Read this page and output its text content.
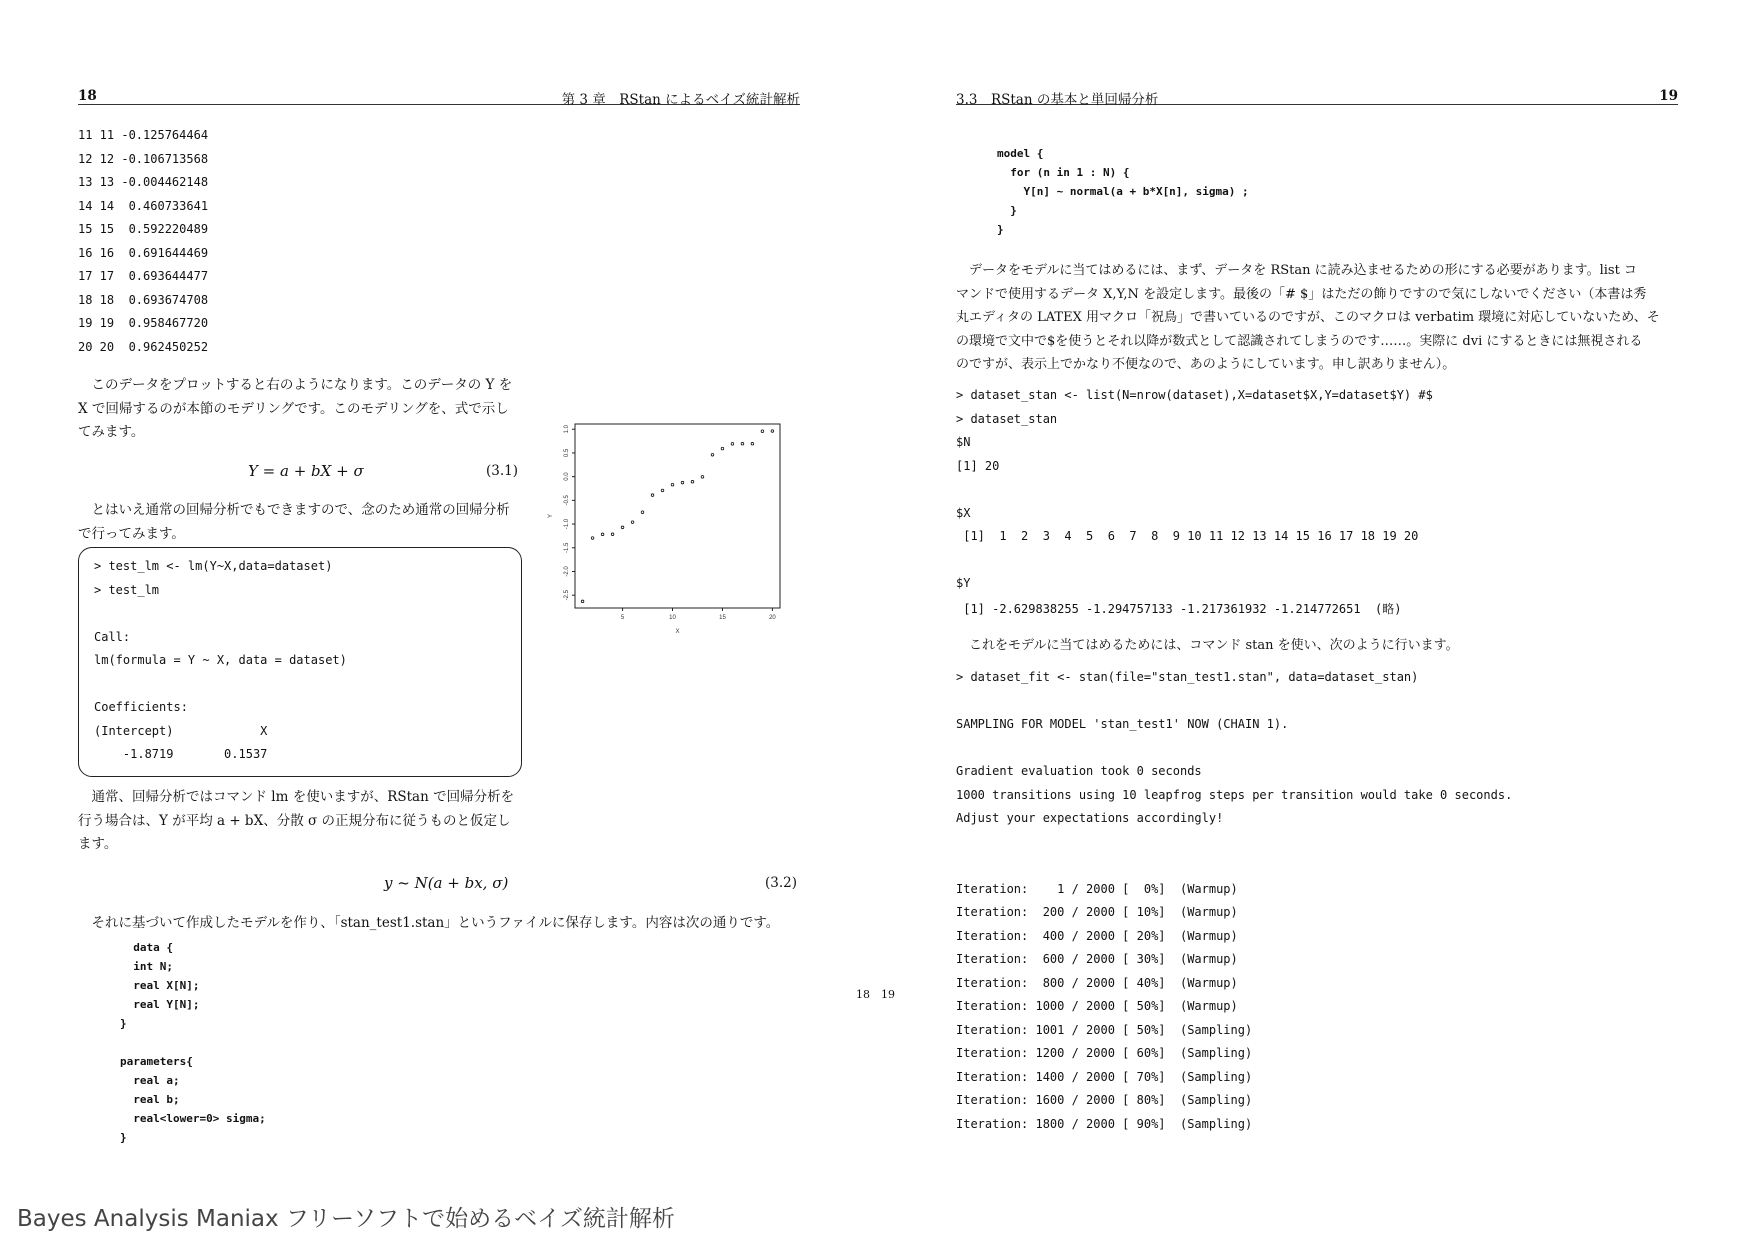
18	第 3 章　RStan によるベイズ統計解析
11 11 -0.125764464
12 12 -0.106713568
13 13 -0.004462148
14 14  0.460733641
15 15  0.592220489
16 16  0.691644469
17 17  0.693644477
18 18  0.693674708
19 19  0.958467720
20 20  0.962450252
　このデータをプロットすると右のようになります。このデータの Y を
X で回帰するのが本節のモデリングです。このモデリングを、式で示し
てみます。
Y = a + bX + σ	(3.1)
　とはいえ通常の回帰分析でもできますので、念のため通常の回帰分析
で行ってみます。
> test_lm <- lm(Y~X,data=dataset)
> test_lm
Call:
lm(formula = Y ~ X, data = dataset)
Coefficients:
(Intercept)            X
-1.8719       0.1537
　通常、回帰分析ではコマンド lm を使いますが、RStan で回帰分析を
行う場合は、Y が平均 a + bX、分散 σ の正規分布に従うものと仮定し
ます。
y ~ N(a + bx, σ)	(3.2)
　それに基づいて作成したモデルを作り、「stan_test1.stan」というファイルに保存します。内容は次の通りです。
data {
int N;
real X[N];
real Y[N];
}
parameters{
real a;
real b;
real<lower=0> sigma;
}
5	10	15	20
-2.5
-2.0
-1.5
-1.0
-0.5
0.0
0.5
1.0
X
Y
18　19
3.3　RStan の基本と単回帰分析	19
model {
for (n in 1 : N) {
Y[n] ~ normal(a + b*X[n], sigma) ;
}
}
　データをモデルに当てはめるには、まず、データを RStan に読み込ませるための形にする必要があります。list コ
マンドで使用するデータ X,Y,N を設定します。最後の「# $」はただの飾りですので気にしないでください（本書は秀
丸エディタの LATEX 用マクロ「祝鳥」で書いているのですが、このマクロは verbatim 環境に対応していないため、そ
の環境で文中で$を使うとそれ以降が数式として認識されてしまうのです……。実際に dvi にするときには無視される
のですが、表示上でかなり不便なので、あのようにしています。申し訳ありません）。
> dataset_stan <- list(N=nrow(dataset),X=dataset$X,Y=dataset$Y) #$
> dataset_stan
$N
[1] 20
$X
[1]  1  2  3  4  5  6  7  8  9 10 11 12 13 14 15 16 17 18 19 20
$Y
[1] -2.629838255 -1.294757133 -1.217361932 -1.214772651  (略)
　これをモデルに当てはめるためには、コマンド stan を使い、次のように行います。
> dataset_fit <- stan(file="stan_test1.stan", data=dataset_stan)
SAMPLING FOR MODEL 'stan_test1' NOW (CHAIN 1).
Gradient evaluation took 0 seconds
1000 transitions using 10 leapfrog steps per transition would take 0 seconds.
Adjust your expectations accordingly!
Iteration:    1 / 2000 [  0%]  (Warmup)
Iteration:  200 / 2000 [ 10%]  (Warmup)
Iteration:  400 / 2000 [ 20%]  (Warmup)
Iteration:  600 / 2000 [ 30%]  (Warmup)
Iteration:  800 / 2000 [ 40%]  (Warmup)
Iteration: 1000 / 2000 [ 50%]  (Warmup)
Iteration: 1001 / 2000 [ 50%]  (Sampling)
Iteration: 1200 / 2000 [ 60%]  (Sampling)
Iteration: 1400 / 2000 [ 70%]  (Sampling)
Iteration: 1600 / 2000 [ 80%]  (Sampling)
Iteration: 1800 / 2000 [ 90%]  (Sampling)
Bayes Analysis Maniax フリーソフトで始めるベイズ統計解析
